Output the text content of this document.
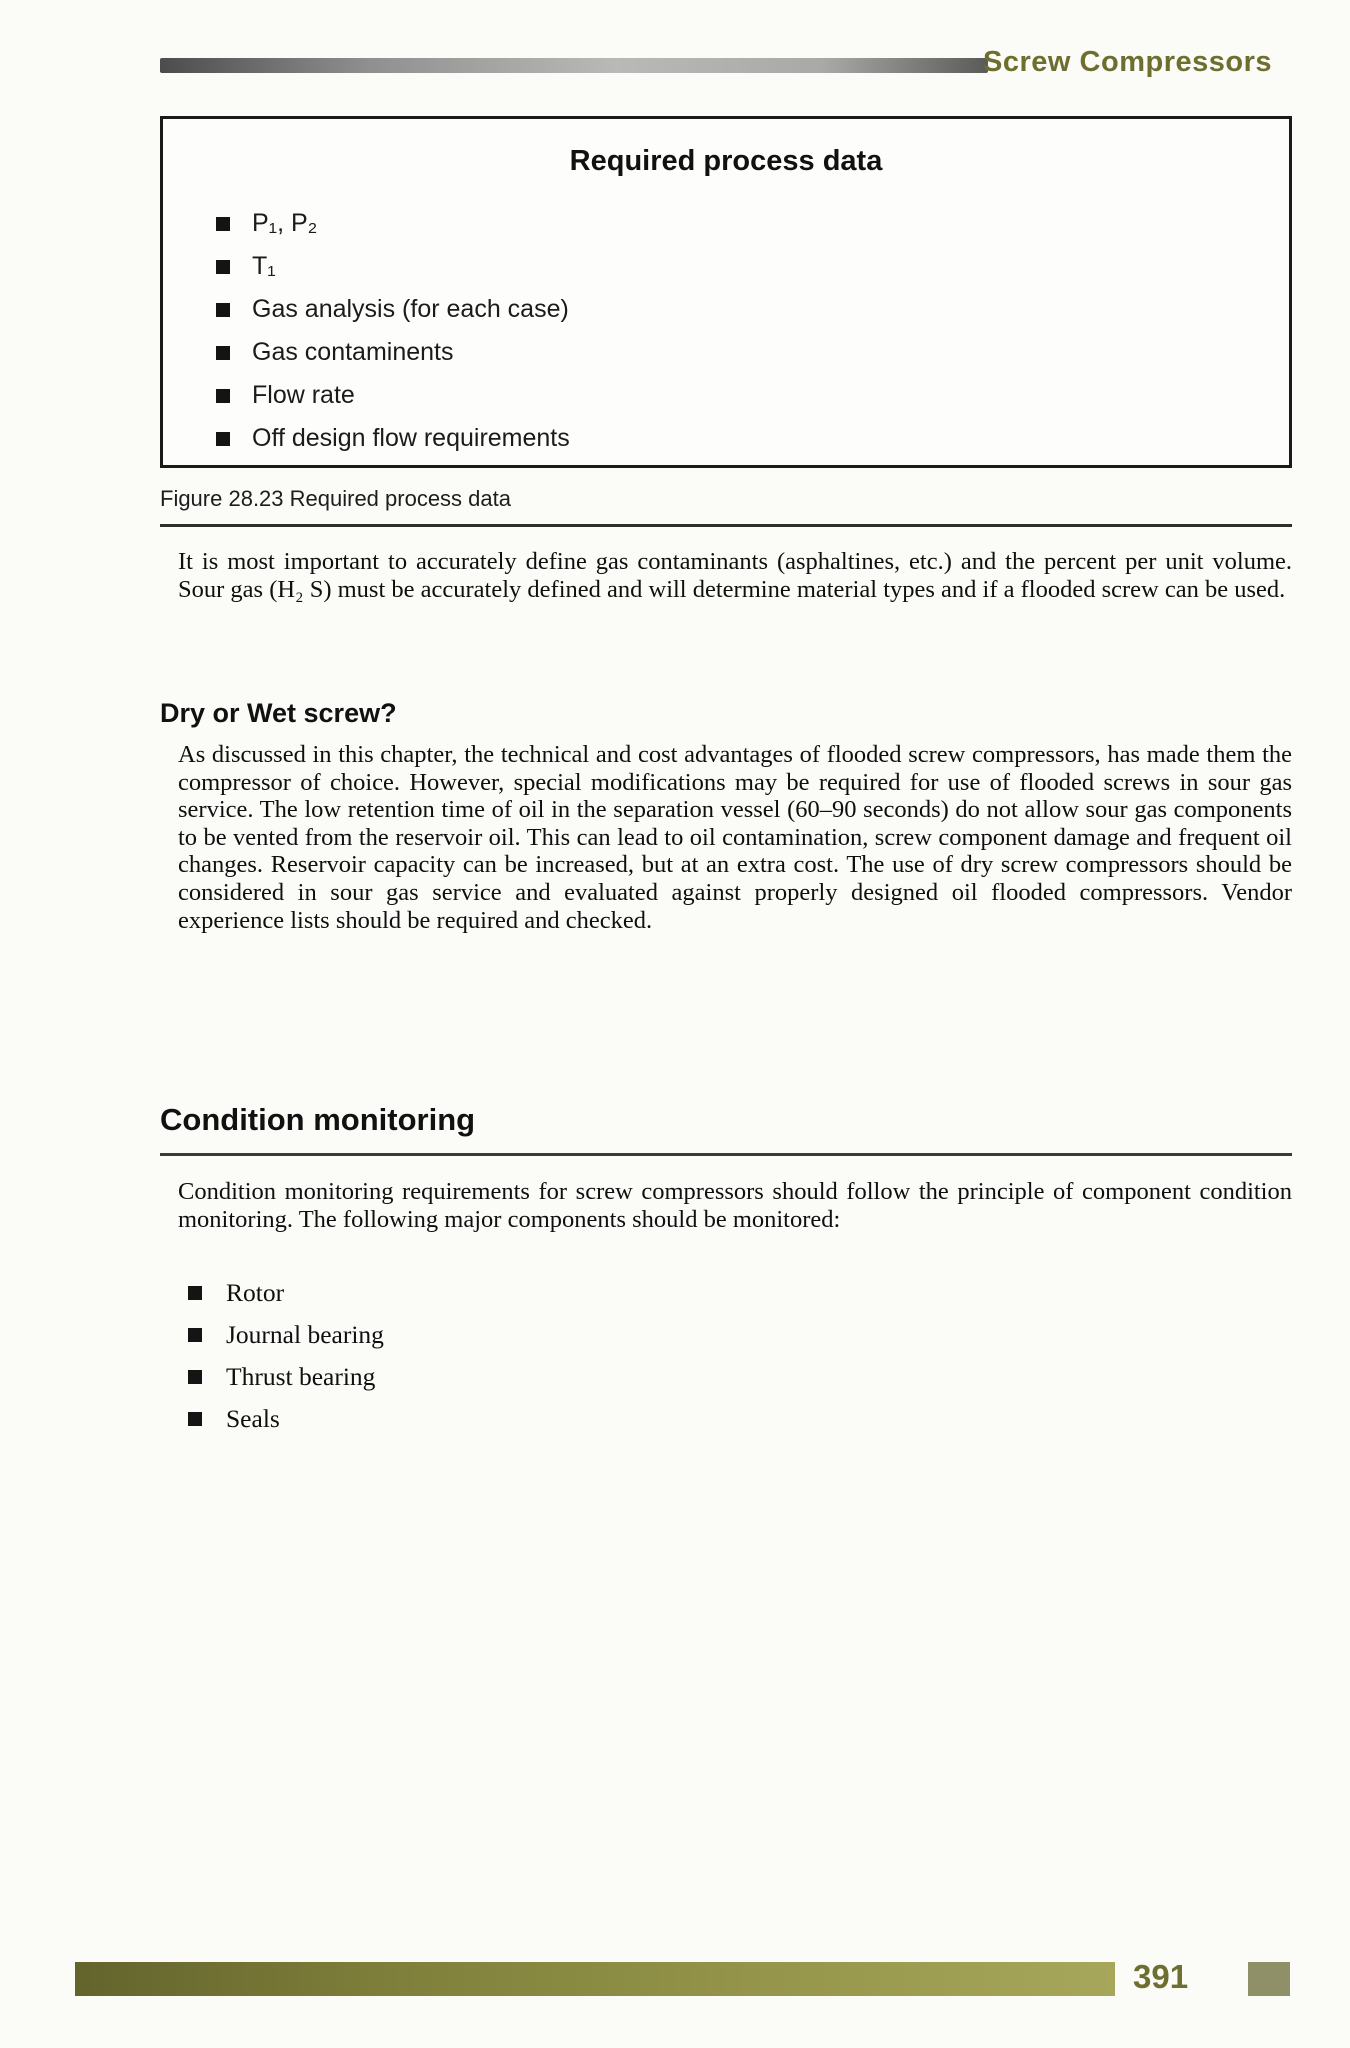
Screw Compressors
Required process data
P₁, P₂
T₁
Gas analysis (for each case)
Gas contaminents
Flow rate
Off design flow requirements
Figure 28.23 Required process data

It is most important to accurately define gas contaminants (asphaltines, etc.) and the percent per unit volume. Sour gas (H₂ S) must be accurately defined and will determine material types and if a flooded screw can be used.

Dry or Wet screw?

As discussed in this chapter, the technical and cost advantages of flooded screw compressors, has made them the compressor of choice. However, special modifications may be required for use of flooded screws in sour gas service. The low retention time of oil in the separation vessel (60–90 seconds) do not allow sour gas components to be vented from the reservoir oil. This can lead to oil contamination, screw component damage and frequent oil changes. Reservoir capacity can be increased, but at an extra cost. The use of dry screw compressors should be considered in sour gas service and evaluated against properly designed oil flooded compressors. Vendor experience lists should be required and checked.

Condition monitoring

Condition monitoring requirements for screw compressors should follow the principle of component condition monitoring. The following major components should be monitored:

Rotor
Journal bearing
Thrust bearing
Seals
391
